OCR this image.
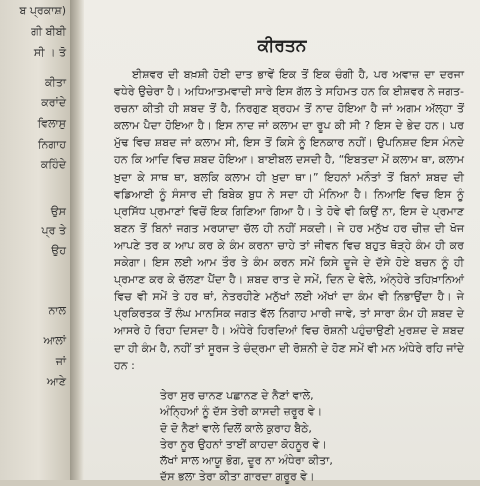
ਬ ਪ੍ਰਕਾਸ਼)
ਗੀ ਬੀਬੀ
ਸੀ । ਤੋ
ਕੀਤਾ
ਕਰਾਂਦੇ
ਵਿਲਾਸੁ
ਨਿਗਾਹ
ਕਹਿੰਦੇ
ਉਸ
ਪ੍ਰ ਤੇ
ਉਹ
ਨਾਲ
ਆਲਾਂ
ਜਾਂ
ਆਣੇ
ਕੀਰਤਨ

ਈਸ਼ਵਰ ਦੀ ਬਖ਼ਸ਼ੀ ਹੋਈ ਦਾਤ ਭਾਵੇਂ ਇਕ ਤੋਂ ਇਕ ਚੰਗੀ ਹੈ, ਪਰ ਅਵਾਜ਼ ਦਾ ਦਰਜਾ ਵਧੇਰੇ ਉਚੇਰਾ ਹੈ। ਅਧਿਆਤਮਵਾਦੀ ਸਾਰੇ ਇਸ ਗੱਲ ਤੇ ਸਹਿਮਤ ਹਨ ਕਿ ਈਸ਼ਵਰ ਨੇ ਜਗਤ-ਰਚਨਾ ਕੀਤੀ ਹੀ ਸ਼ਬਦ ਤੋਂ ਹੈ, ਨਿਰਗੁਣ ਬ੍ਰਹਮ ਤੋਂ ਨਾਦ ਹੋਇਆ ਹੈ ਜਾਂ ਅਗਮ ਅੱਲ੍ਹਾ ਤੋਂ ਕਲਾਮ ਪੈਦਾ ਹੋਇਆ ਹੈ। ਇਸ ਨਾਦ ਜਾਂ ਕਲਾਮ ਦਾ ਰੂਪ ਕੀ ਸੀ ? ਇਸ ਦੇ ਭੇਦ ਹਨ। ਪਰ ਮੁੱਢ ਵਿਚ ਸ਼ਬਦ ਜਾਂ ਕਲਾਮ ਸੀ, ਇਸ ਤੋਂ ਕਿਸੇ ਨੂੰ ਇਨਕਾਰ ਨਹੀਂ। ਉਪਨਿਸ਼ਦ ਇਸ ਮੰਨਦੇ ਹਨ ਕਿ ਆਦਿ ਵਿਚ ਸ਼ਬਦ ਹੋਇਆ। ਬਾਈਬਲ ਦਸਦੀ ਹੈ, “ਇਬਤਦਾ ਮੇਂ ਕਲਾਮ ਥਾ, ਕਲਾਮ ਖ਼ੁਦਾ ਕੇ ਸਾਥ ਥਾ, ਬਲਕਿ ਕਲਾਮ ਹੀ ਖ਼ੁਦਾ ਥਾ।” ਇਹਨਾਂ ਮਨੌਤਾਂ ਤੋਂ ਬਿਨਾਂ ਸ਼ਬਦ ਦੀ ਵਡਿਆਈ ਨੂੰ ਸੰਸਾਰ ਦੀ ਬਿਬੇਕ ਬੁਧ ਨੇ ਸਦਾ ਹੀ ਮੰਨਿਆ ਹੈ। ਨਿਆਇ ਵਿਚ ਇਸ ਨੂੰ ਪ੍ਰਸਿੱਧ ਪ੍ਰਮਾਣਾਂ ਵਿਚੋਂ ਇਕ ਗਿਣਿਆ ਗਿਆ ਹੈ। ਤੇ ਹੋਵੇ ਵੀ ਕਿਉਂ ਨਾ, ਇਸ ਦੇ ਪ੍ਰਮਾਣ ਬਣਨ ਤੋਂ ਬਿਨਾਂ ਜਗਤ ਮਰਯਾਦਾ ਚੱਲ ਹੀ ਨਹੀਂ ਸਕਦੀ। ਜੇ ਹਰ ਮਨੁੱਖ ਹਰ ਚੀਜ਼ ਦੀ ਖੋਜ ਆਪਣੇ ਤਰ ਕ ਆਪ ਕਰ ਕੇ ਕੰਮ ਕਰਨਾ ਚਾਹੇ ਤਾਂ ਜੀਵਨ ਵਿਚ ਬਹੁਤ ਥੋੜ੍ਹੇ ਕੰਮ ਹੀ ਕਰ ਸਕੇਗਾ। ਇਸ ਲਈ ਆਮ ਤੌਰ ਤੇ ਕੰਮ ਕਰਨ ਸਮੇਂ ਕਿਸੇ ਦੂਜੇ ਦੇ ਦੱਸੇ ਹੋਏ ਬਚਨ ਨੂੰ ਹੀ ਪ੍ਰਮਾਣ ਕਰ ਕੇ ਚੱਲਣਾ ਪੈਂਦਾ ਹੈ। ਸ਼ਬਦ ਰਾਤ ਦੇ ਸਮੇਂ, ਦਿਨ ਦੇ ਵੇਲੇ, ਅੰਨ੍ਹੇਰੇ ਤਹਿਖ਼ਾਨਿਆਂ ਵਿਚ ਵੀ ਸਮੇਂ ਤੇ ਹਰ ਥਾਂ, ਨੇਤਰਹੀਣੇ ਮਨੁੱਖਾਂ ਲਈ ਅੱਖਾਂ ਦਾ ਕੰਮ ਵੀ ਨਿਭਾਉਂਦਾ ਹੈ। ਜੇ ਪ੍ਰਕਿਰਤਕ ਤੋਂ ਲੰਘ ਮਾਨਸਿਕ ਜਗਤ ਵੱਲ ਨਿਗਾਹ ਮਾਰੀ ਜਾਵੇ, ਤਾਂ ਸਾਰਾ ਕੰਮ ਹੀ ਸ਼ਬਦ ਦੇ ਆਸਰੇ ਹੋ ਰਿਹਾ ਦਿਸਦਾ ਹੈ। ਅੰਧੇਰੇ ਹਿਰਦਿਆਂ ਵਿਚ ਰੋਸ਼ਨੀ ਪਹੁੰਚਾਉਣੀ ਮੁਰਸ਼ਦ ਦੇ ਸ਼ਬਦ ਦਾ ਹੀ ਕੰਮ ਹੈ, ਨਹੀਂ ਤਾਂ ਸੂਰਜ ਤੇ ਚੰਦ੍ਰਮਾ ਦੀ ਰੋਸ਼ਨੀ ਦੇ ਹੋਣ ਸਮੇਂ ਵੀ ਮਨ ਅੰਧੇਰੇ ਰਹਿ ਜਾਂਦੇ ਹਨ :

ਤੇਰਾ ਸੁਰ ਚਾਨਣ ਪਛਾਨਣ ਦੇ ਨੈਣਾਂ ਵਾਲੇ,
ਅੰਨ੍ਹਿਆਂ ਨੂੰ ਦੱਸ ਤੇਰੀ ਕਾਸਦੀ ਜ਼ਰੂਰ ਵੇ।
ਦੋ ਦੋ ਨੈਣਾਂ ਵਾਲੇ ਦਿਲੋਂ ਕਾਲੇ ਕੁਰਾਹ ਬੈਠੇ,
ਤੇਰਾ ਨੂਰ ਉਹਨਾਂ ਤਾਈਂ ਕਾਹਦਾ ਕੋਹਨੂਰ ਵੇ।
ਲੱਖਾਂ ਸਾਲ ਆਯੂ ਭੋਗ, ਦੂਰ ਨਾ ਅੰਧੇਰਾ ਕੀਤਾ,
ਦੱਸ ਭਲਾ ਤੇਰਾ ਕੀਤਾ ਗਾਰਦਾ ਗਰੂਰ ਵੇ।
